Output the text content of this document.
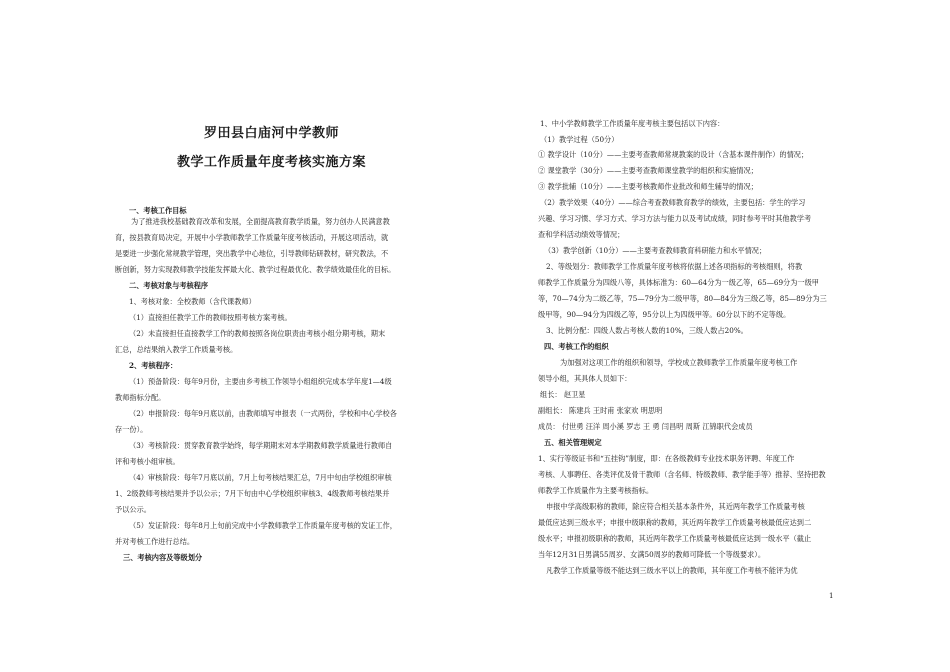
罗田县白庙河中学教师
教学工作质量年度考核实施方案
一、考核工作目标
为了推进我校基础教育改革和发展，全面提高教育教学质量，努力创办人民满意教
育，按县教育局决定，开展中小学教师教学工作质量年度考核活动，开展这项活动，就
是要进一步强化常规教学管理，突出教学中心地位，引导教师钻研教材，研究教法，不
断创新，努力实现教师教学技能发挥最大化、教学过程最优化、教学绩效最佳化的目标。
二、考核对象与考核程序
1、考核对象：全校教师（含代课教师）
（1）直接担任教学工作的教师按照考核方案考核。
（2）未直接担任直接教学工作的教师按照各岗位职责由考核小组分期考核，期末
汇总，总结果纳入教学工作质量考核。
2、考核程序：
（1）预备阶段：每年9月份，主要由乡考核工作领导小组组织完成本学年度1—4级
教师指标分配。
（2）申报阶段：每年9月底以前，由教师填写申报表（一式两份，学校和中心学校各
存一份）。
（3）考核阶段：贯穿教育教学始终，每学期期末对本学期教师教学质量进行教师自
评和考核小组审核。
（4）审核阶段：每年7月底以前，7月上旬考核结果汇总，7月中旬由学校组织审核
1、2级教师考核结果并予以公示；7月下旬由中心学校组织审核3、4级教师考核结果并
予以公示。
（5）发证阶段：每年8月上旬前完成中小学教师教学工作质量年度考核的发证工作，
并对考核工作进行总结。
三、考核内容及等级划分
1、中小学教师教学工作质量年度考核主要包括以下内容：
（1）教学过程（50分）
① 教学设计（10分）——主要考查教师常规教案的设计（含基本课件制作）的情况；
② 课堂教学（30分）——主要考查教师课堂教学的组织和实施情况；
③ 教学批辅（10分）——主要考核教师作业批改和师生辅导的情况；
（2）教学效果（40分）——综合考查教师教育教学的绩效，主要包括：学生的学习
兴趣、学习习惯、学习方式、学习方法与能力以及考试成绩，同时参考平时其他教学考
查和学科活动绩效等情况；
（3）教学创新（10分）——主要考查教师教育科研能力和水平情况；
2、等级划分：教师教学工作质量年度考核将依据上述各项指标的考核细则，将教
师教学工作质量分为四级八等，具体标准为：60—64分为一级乙等，65—69分为一级甲
等，70—74分为二级乙等，75—79分为二级甲等，80—84分为三级乙等，85—89分为三
级甲等，90—94分为四级乙等，95分以上为四级甲等。60分以下的不定等级。
3、比例分配：四级人数占考核人数的10%，三级人数占20%。
四、考核工作的组织
为加强对这项工作的组织和领导，学校成立教师教学工作质量年度考核工作
领导小组，其具体人员如下：
组长： 赵卫星
副组长： 陈建兵 王时甫 张家欢 明思明
成员： 付世勇 汪洋 周小溪 罗志 王 勇 闫昌明 周斯 江锦职代会成员
五、相关管理规定
1、实行等级证书和“五挂钩”制度，即：在各级教师专业技术职务评聘、年度工作
考核、人事聘任、各类评优及骨干教师（含名师、特级教师、教学能手等）推荐、坚持把教
师教学工作质量作为主要考核指标。
申报中学高级职称的教师，除应符合相关基本条件外，其近两年教学工作质量考核
最低应达到三级水平；申报中级职称的教师，其近两年教学工作质量考核最低应达到二
级水平；申报初级职称的教师，其近两年教学工作质量考核最低应达到一级水平（截止
当年12月31日男满55周岁、女满50周岁的教师可降低一个等级要求）。
凡教学工作质量等级不能达到三级水平以上的教师，其年度工作考核不能评为优
1
